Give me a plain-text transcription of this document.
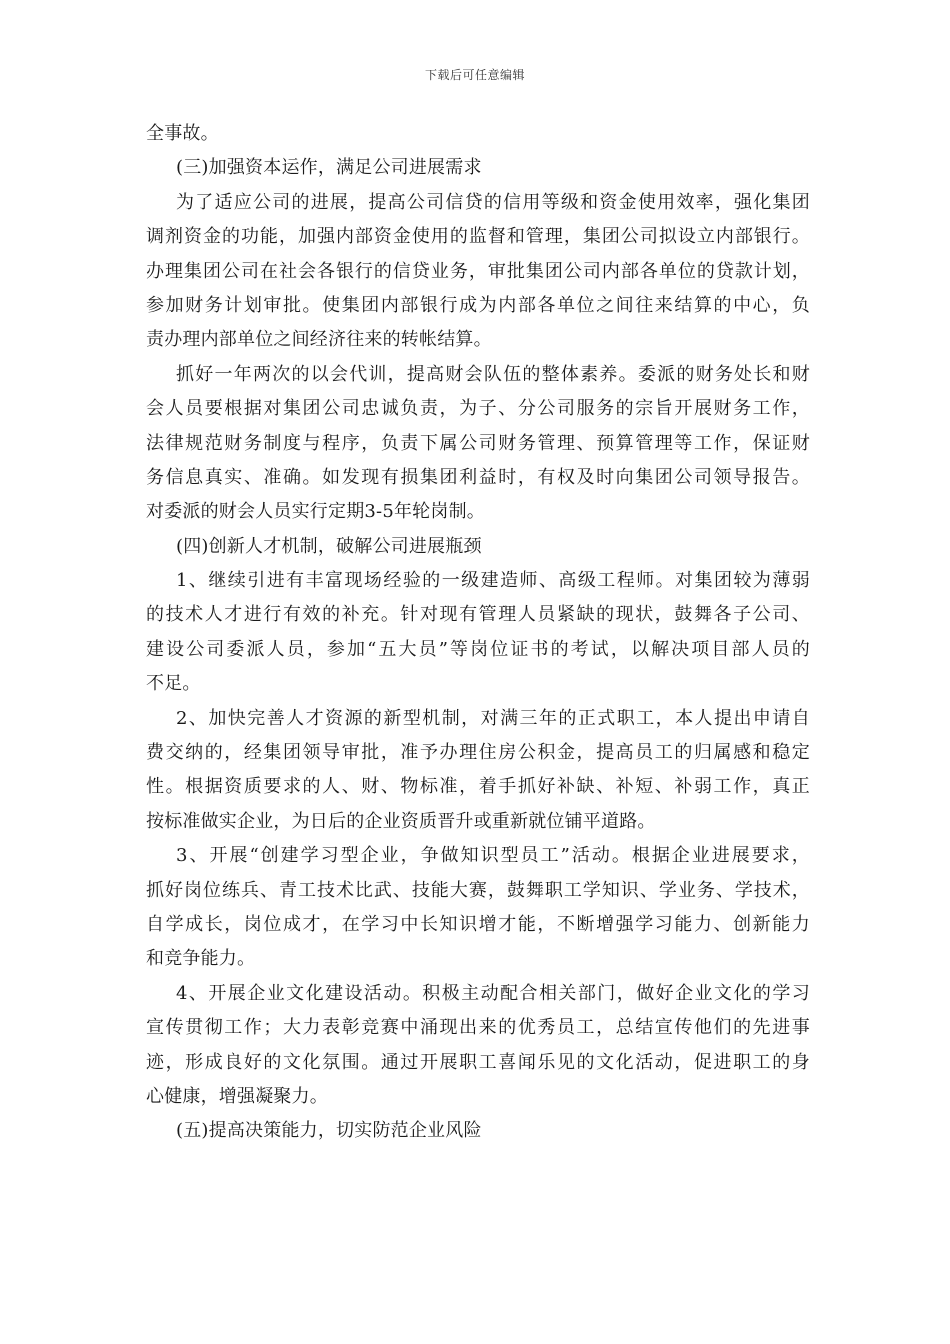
下载后可任意编辑
全事故。
(三)加强资本运作，满足公司进展需求
为了适应公司的进展，提高公司信贷的信用等级和资金使用效率，强化集团
调剂资金的功能，加强内部资金使用的监督和管理，集团公司拟设立内部银行。
办理集团公司在社会各银行的信贷业务，审批集团公司内部各单位的贷款计划，
参加财务计划审批。使集团内部银行成为内部各单位之间往来结算的中心，负
责办理内部单位之间经济往来的转帐结算。
抓好一年两次的以会代训，提高财会队伍的整体素养。委派的财务处长和财
会人员要根据对集团公司忠诚负责，为子、分公司服务的宗旨开展财务工作，
法律规范财务制度与程序，负责下属公司财务管理、预算管理等工作，保证财
务信息真实、准确。如发现有损集团利益时，有权及时向集团公司领导报告。
对委派的财会人员实行定期3-5年轮岗制。
(四)创新人才机制，破解公司进展瓶颈
1、继续引进有丰富现场经验的一级建造师、高级工程师。对集团较为薄弱
的技术人才进行有效的补充。针对现有管理人员紧缺的现状，鼓舞各子公司、
建设公司委派人员，参加“五大员”等岗位证书的考试，以解决项目部人员的
不足。
2、加快完善人才资源的新型机制，对满三年的正式职工，本人提出申请自
费交纳的，经集团领导审批，准予办理住房公积金，提高员工的归属感和稳定
性。根据资质要求的人、财、物标准，着手抓好补缺、补短、补弱工作，真正
按标准做实企业，为日后的企业资质晋升或重新就位铺平道路。
3、开展“创建学习型企业，争做知识型员工”活动。根据企业进展要求，
抓好岗位练兵、青工技术比武、技能大赛，鼓舞职工学知识、学业务、学技术，
自学成长，岗位成才，在学习中长知识增才能，不断增强学习能力、创新能力
和竞争能力。
4、开展企业文化建设活动。积极主动配合相关部门，做好企业文化的学习
宣传贯彻工作；大力表彰竞赛中涌现出来的优秀员工，总结宣传他们的先进事
迹，形成良好的文化氛围。通过开展职工喜闻乐见的文化活动，促进职工的身
心健康，增强凝聚力。
(五)提高决策能力，切实防范企业风险
